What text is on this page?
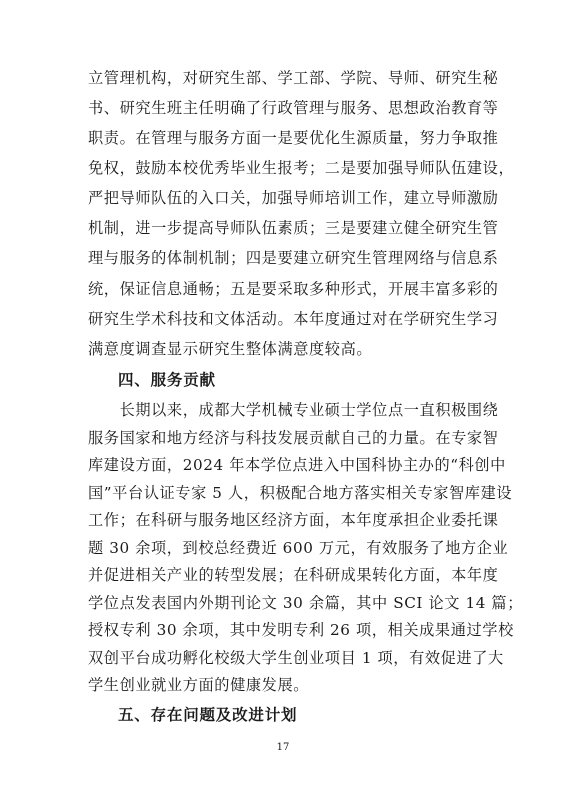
立管理机构，对研究生部、学工部、学院、导师、研究生秘
书、研究生班主任明确了行政管理与服务、思想政治教育等
职责。在管理与服务方面一是要优化生源质量，努力争取推
免权，鼓励本校优秀毕业生报考；二是要加强导师队伍建设，
严把导师队伍的入口关，加强导师培训工作，建立导师激励
机制，进一步提高导师队伍素质；三是要建立健全研究生管
理与服务的体制机制；四是要建立研究生管理网络与信息系
统，保证信息通畅；五是要采取多种形式，开展丰富多彩的
研究生学术科技和文体活动。本年度通过对在学研究生学习
满意度调查显示研究生整体满意度较高。
四、服务贡献
　　长期以来，成都大学机械专业硕士学位点一直积极围绕
服务国家和地方经济与科技发展贡献自己的力量。在专家智
库建设方面，2024 年本学位点进入中国科协主办的“科创中
国”平台认证专家 5 人，积极配合地方落实相关专家智库建设
工作；在科研与服务地区经济方面，本年度承担企业委托课
题 30 余项，到校总经费近 600 万元，有效服务了地方企业
并促进相关产业的转型发展；在科研成果转化方面，本年度
学位点发表国内外期刊论文 30 余篇，其中 SCI 论文 14 篇；
授权专利 30 余项，其中发明专利 26 项，相关成果通过学校
双创平台成功孵化校级大学生创业项目 1 项，有效促进了大
学生创业就业方面的健康发展。
五、存在问题及改进计划
17
